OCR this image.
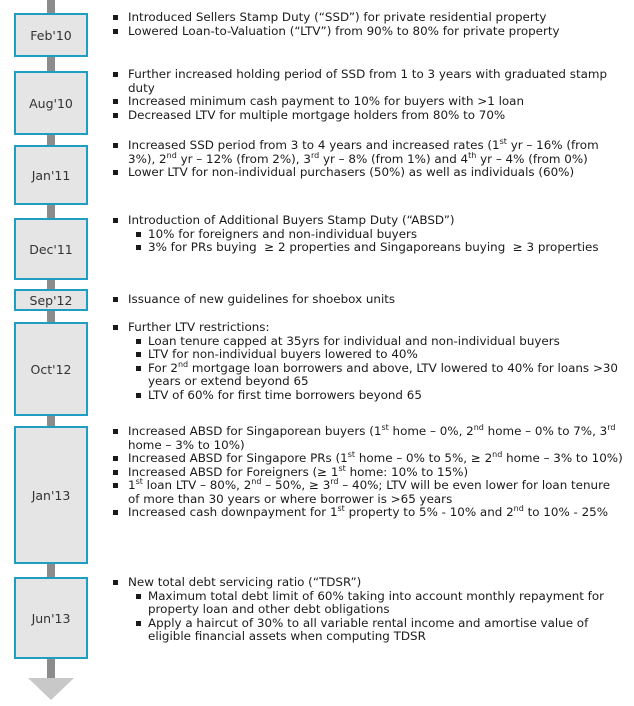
Feb'10
Introduced Sellers Stamp Duty (“SSD”) for private residential property
Lowered Loan-to-Valuation (“LTV”) from 90% to 80% for private property
Aug'10
Further increased holding period of SSD from 1 to 3 years with graduated stamp duty
Increased minimum cash payment to 10% for buyers with >1 loan
Decreased LTV for multiple mortgage holders from 80% to 70%
Jan'11
Increased SSD period from 3 to 4 years and increased rates (1st yr – 16% (from 3%), 2nd yr – 12% (from 2%), 3rd yr – 8% (from 1%) and 4th yr – 4% (from 0%)
Lower LTV for non-individual purchasers (50%) as well as individuals (60%)
Dec'11
Introduction of Additional Buyers Stamp Duty (“ABSD”)
10% for foreigners and non-individual buyers
3% for PRs buying  ≥ 2 properties and Singaporeans buying  ≥ 3 properties
Sep'12	Issuance of new guidelines for shoebox units
Oct'12
Further LTV restrictions:
Loan tenure capped at 35yrs for individual and non-individual buyers
LTV for non-individual buyers lowered to 40%
For 2nd mortgage loan borrowers and above, LTV lowered to 40% for loans >30 years or extend beyond 65
LTV of 60% for first time borrowers beyond 65
Jan'13
Increased ABSD for Singaporean buyers (1st home – 0%, 2nd home – 0% to 7%, 3rd home – 3% to 10%)
Increased ABSD for Singapore PRs (1st home – 0% to 5%, ≥ 2nd home – 3% to 10%)
Increased ABSD for Foreigners (≥ 1st home: 10% to 15%)
1st loan LTV – 80%, 2nd – 50%, ≥ 3rd – 40%; LTV will be even lower for loan tenure of more than 30 years or where borrower is >65 years
Increased cash downpayment for 1st property to 5% - 10% and 2nd to 10% - 25%
Jun'13
New total debt servicing ratio (“TDSR”)
Maximum total debt limit of 60% taking into account monthly repayment for property loan and other debt obligations
Apply a haircut of 30% to all variable rental income and amortise value of eligible financial assets when computing TDSR
